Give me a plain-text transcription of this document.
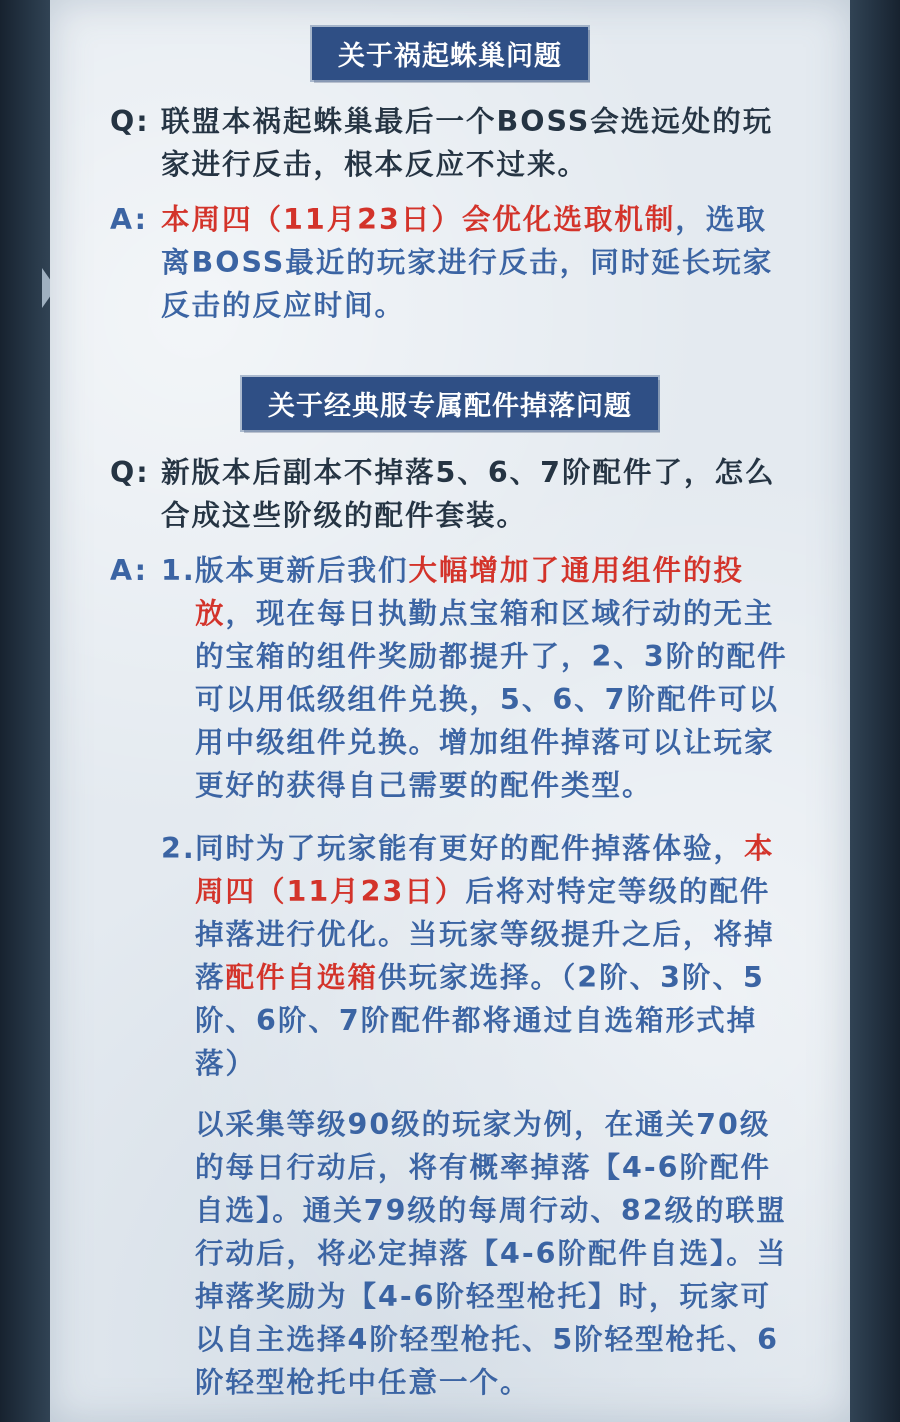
关于祸起蛛巢问题
Q: 联盟本祸起蛛巢最后一个BOSS会选远处的玩家进行反击，根本反应不过来。
A: 本周四（11月23日）会优化选取机制，选取离BOSS最近的玩家进行反击，同时延长玩家反击的反应时间。
关于经典服专属配件掉落问题
Q: 新版本后副本不掉落5、6、7阶配件了，怎么合成这些阶级的配件套装。
A: 1. 版本更新后我们大幅增加了通用组件的投放，现在每日执勤点宝箱和区域行动的无主的宝箱的组件奖励都提升了，2、3阶的配件可以用低级组件兑换，5、6、7阶配件可以用中级组件兑换。增加组件掉落可以让玩家更好的获得自己需要的配件类型。
2. 同时为了玩家能有更好的配件掉落体验，本周四（11月23日）后将对特定等级的配件掉落进行优化。当玩家等级提升之后，将掉落配件自选箱供玩家选择。（2阶、3阶、5阶、6阶、7阶配件都将通过自选箱形式掉落）
以采集等级90级的玩家为例，在通关70级的每日行动后，将有概率掉落【4-6阶配件自选】。通关79级的每周行动、82级的联盟行动后，将必定掉落【4-6阶配件自选】。当掉落奖励为【4-6阶轻型枪托】时，玩家可以自主选择4阶轻型枪托、5阶轻型枪托、6阶轻型枪托中任意一个。
